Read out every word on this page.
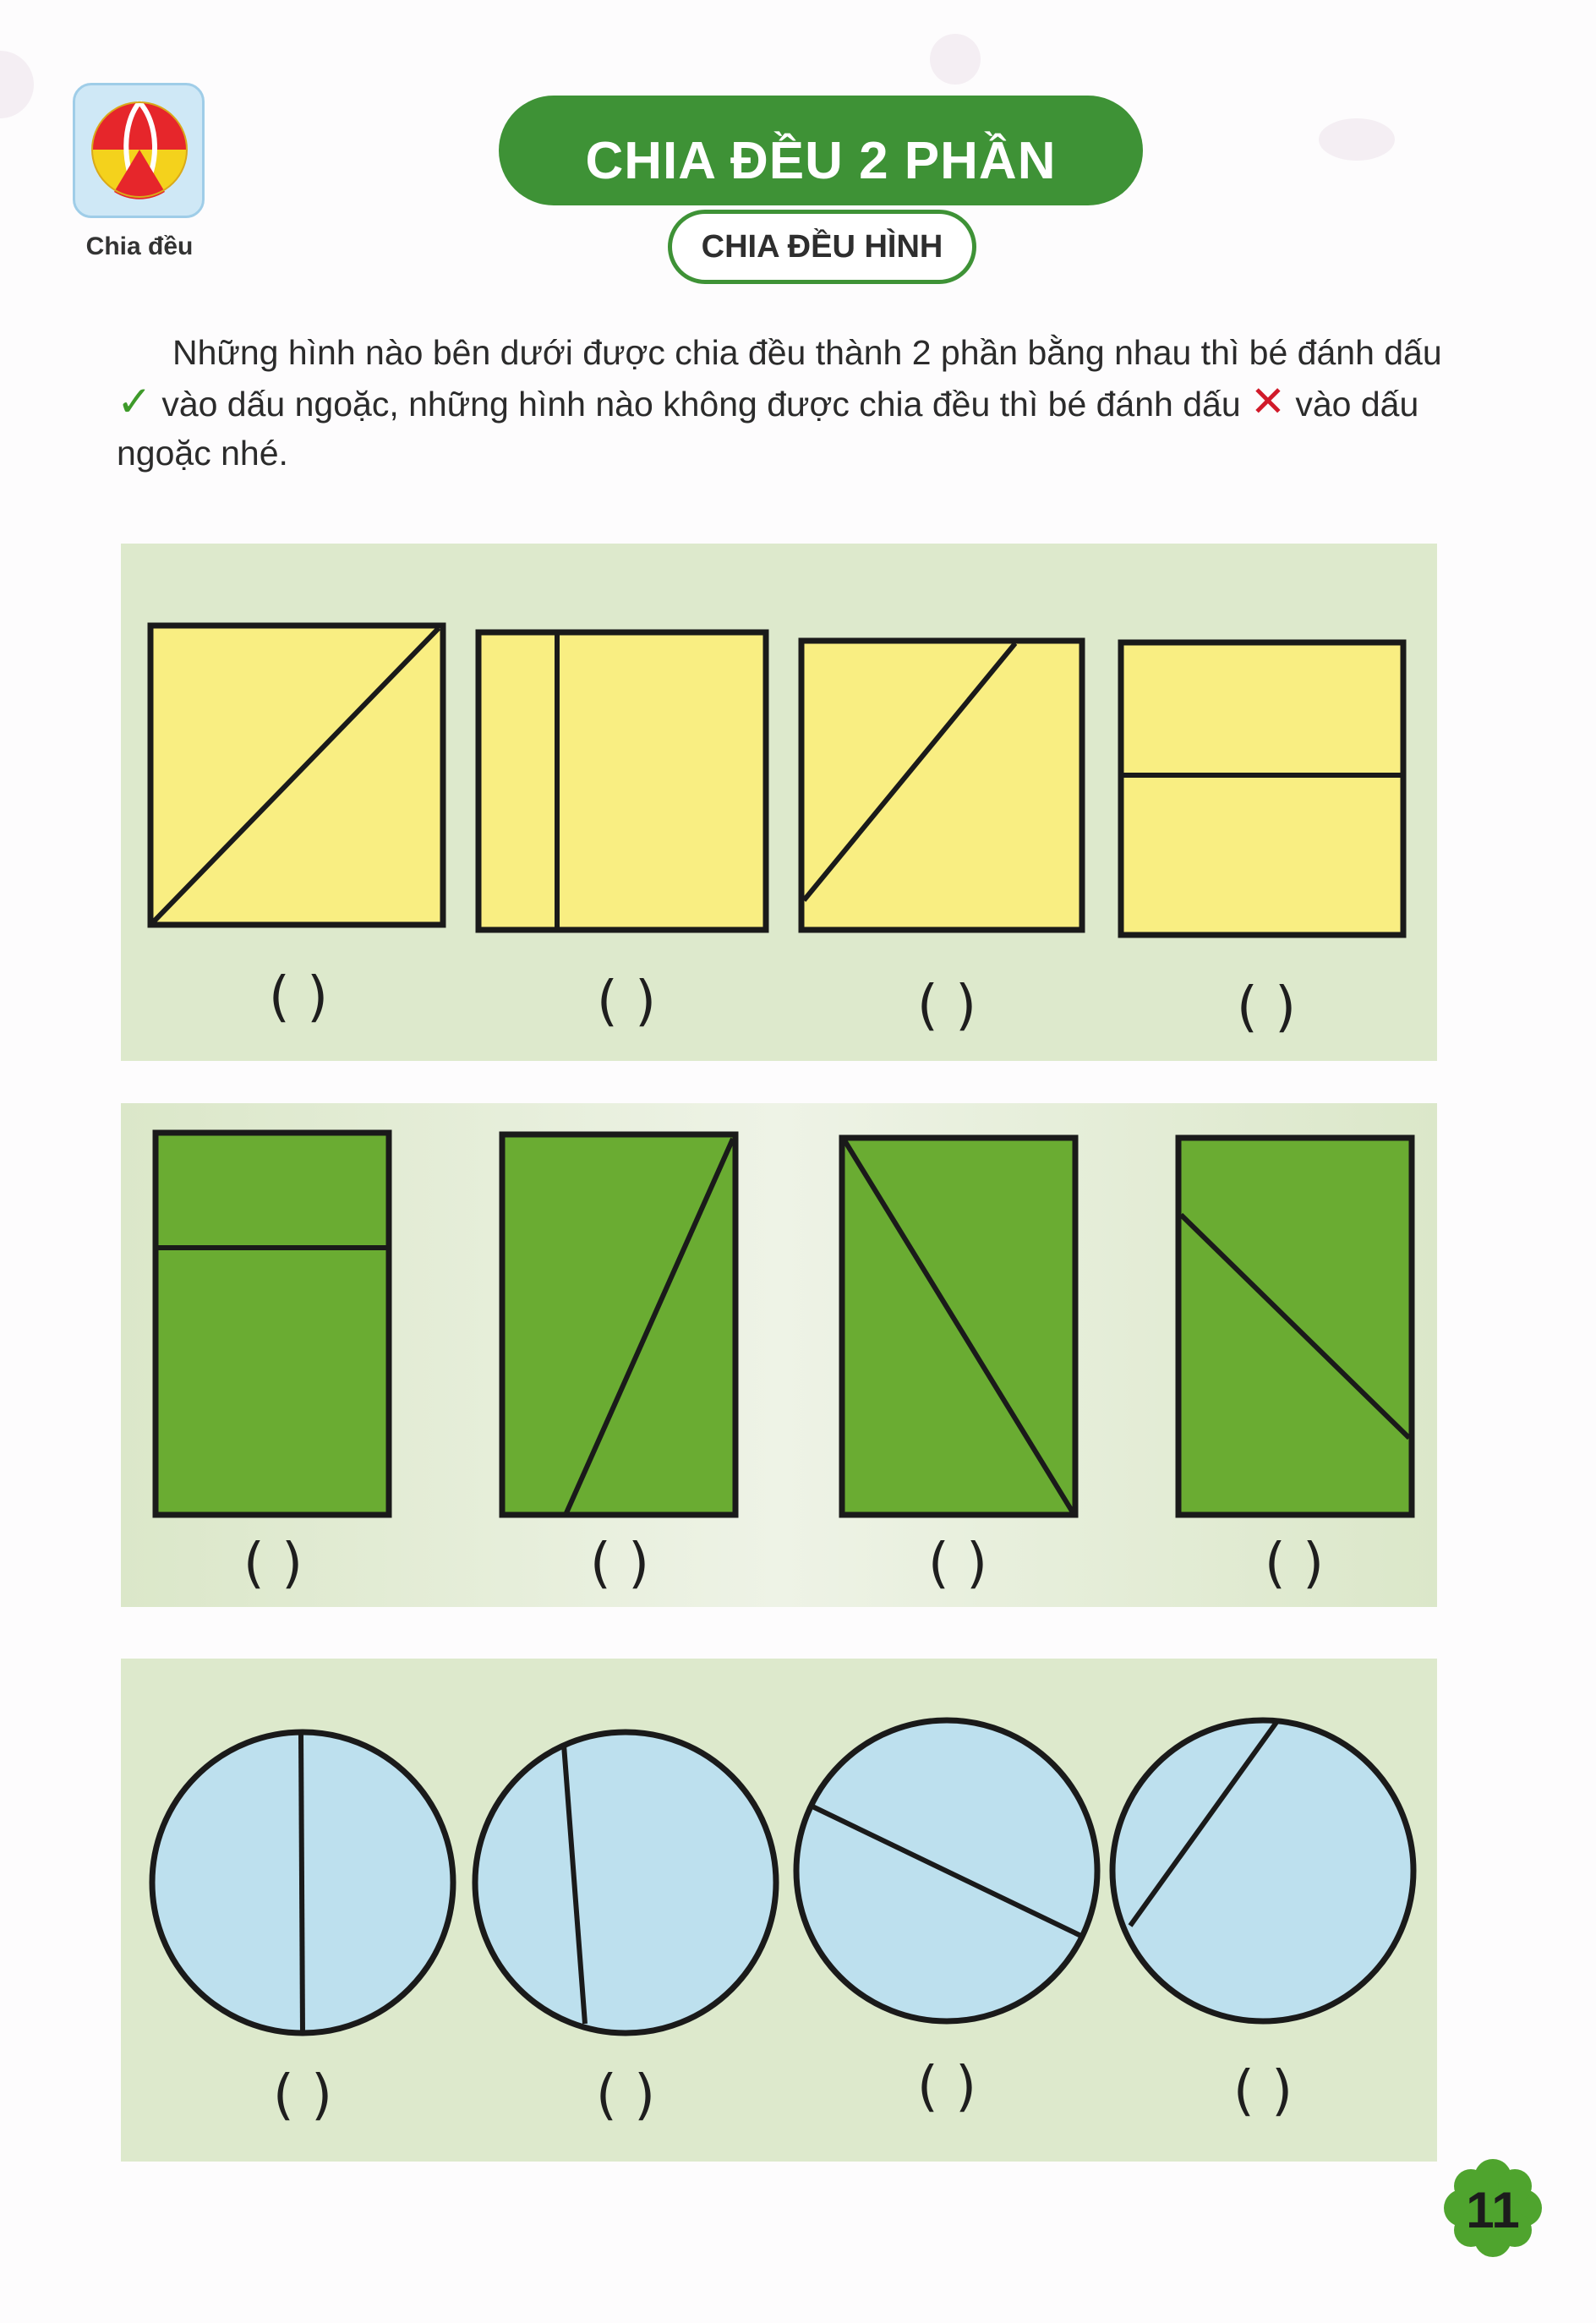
Chia đều
CHIA ĐỀU 2 PHẦN
CHIA ĐỀU HÌNH
Những hình nào bên dưới được chia đều thành 2 phần bằng nhau thì bé đánh dấu ✓ vào dấu ngoặc, những hình nào không được chia đều thì bé đánh dấu ✕ vào dấu ngoặc nhé.
( )	( )	( )	( )
( )	( )	( )	( )
( )	( )	( )	( )
11
